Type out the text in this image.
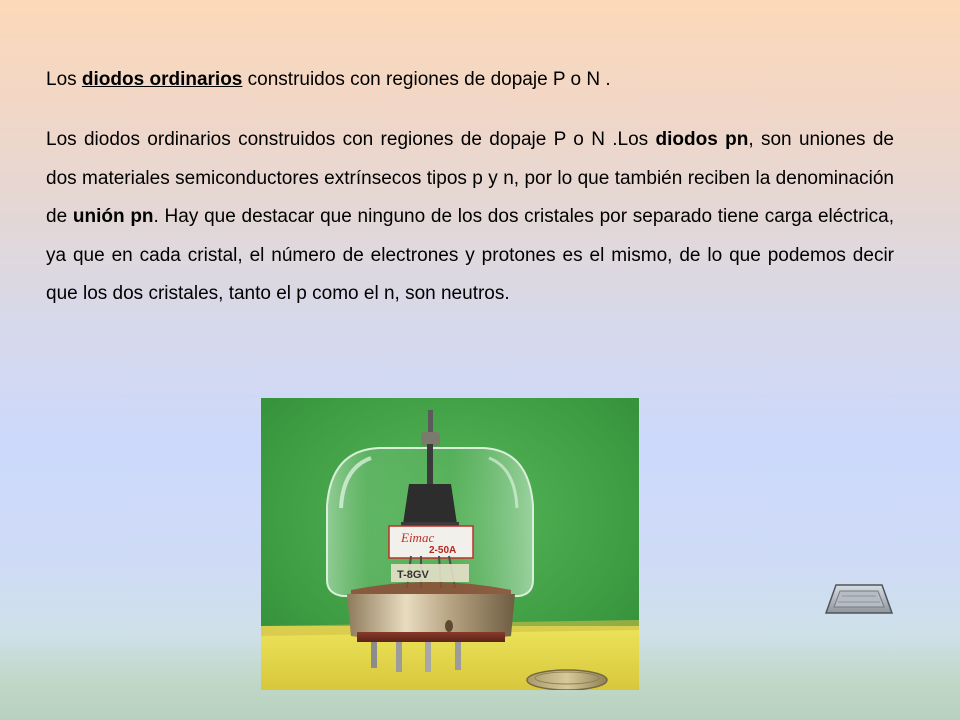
Los diodos ordinarios construidos con regiones de dopaje P o N .

Los diodos ordinarios construidos con regiones de dopaje P o N .Los diodos pn, son uniones de dos materiales semiconductores extrínsecos tipos p y n, por lo que también reciben la denominación de unión pn. Hay que destacar que ninguno de los dos cristales por separado tiene carga eléctrica, ya que en cada cristal, el número de electrones y protones es el mismo, de lo que podemos decir que los dos cristales, tanto el p como el n, son neutros.

Eimac
2-50A
T-8GV
